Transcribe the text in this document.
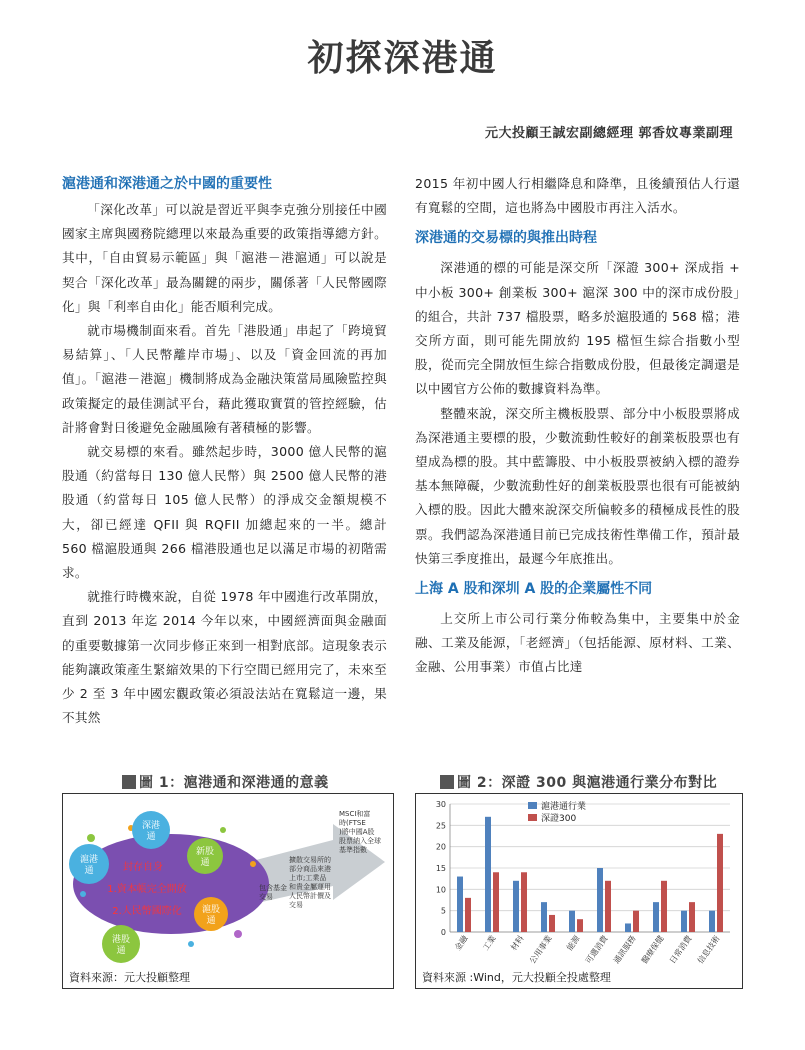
初探深港通
元大投顧王誠宏副總經理 郭香妏專業副理
滬港通和深港通之於中國的重要性

「深化改革」可以說是習近平與李克強分別接任中國國家主席與國務院總理以來最為重要的政策指導總方針。其中，「自由貿易示範區」與「滬港－港滬通」可以說是契合「深化改革」最為關鍵的兩步，關係著「人民幣國際化」與「利率自由化」能否順利完成。

就市場機制面來看。首先「港股通」串起了「跨境貿易結算」、「人民幣離岸市場」、以及「資金回流的再加值」。「滬港－港滬」機制將成為金融決策當局風險監控與政策擬定的最佳測試平台，藉此獲取實質的管控經驗，估計將會對日後避免金融風險有著積極的影響。

就交易標的來看。雖然起步時，3000 億人民幣的滬股通（約當每日 130 億人民幣）與 2500 億人民幣的港股通（約當每日 105 億人民幣）的淨成交金額規模不大，卻已經達 QFII 與 RQFII 加總起來的一半。總計 560 檔滬股通與 266 檔港股通也足以滿足市場的初階需求。

就推行時機來說，自從 1978 年中國進行改革開放，直到 2013 年迄 2014 今年以來，中國經濟面與金融面的重要數據第一次同步修正來到一相對底部。這現象表示能夠讓政策產生緊縮效果的下行空間已經用完了，未來至少 2 至 3 年中國宏觀政策必須設法站在寬鬆這一邊，果不其然

2015 年初中國人行相繼降息和降準，且後續預估人行還有寬鬆的空間，這也將為中國股市再注入活水。

深港通的交易標的與推出時程

深港通的標的可能是深交所「深證 300+ 深成指 + 中小板 300+ 創業板 300+ 滬深 300 中的深市成份股」的組合，共計 737 檔股票，略多於滬股通的 568 檔；港交所方面，則可能先開放約 195 檔恒生綜合指數小型股，從而完全開放恒生綜合指數成份股，但最後定調還是以中國官方公佈的數據資料為準。

整體來說，深交所主機板股票、部分中小板股票將成為深港通主要標的股，少數流動性較好的創業板股票也有望成為標的股。其中藍籌股、中小板股票被納入標的證券基本無障礙，少數流動性好的創業板股票也很有可能被納入標的股。因此大體來說深交所偏較多的積極成長性的股票。我們認為深港通目前已完成技術性準備工作，預計最快第三季度推出，最遲今年底推出。

上海 A 股和深圳 A 股的企業屬性不同

上交所上市公司行業分佈較為集中，主要集中於金融、工業及能源，「老經濟」（包括能源、原材料、工業、金融、公用事業）市值占比達

圖 1：滬港通和深港通的意義
深港
通
滬港
通
新股
通
滬股
通
港股
通
封存自身
1.資本帳完全開放
2.人民幣國際化
MSCI和富
時(FTSE
)將中國A股
股票納入全球
基準指數
擴散交易所的
部分商品來港
上市;工業品
和貴金屬運用
人民幣計價及
交易
包含基金
交易
資料來源：元大投顧整理
圖 2：深證 300 與滬港通行業分布對比
0
5
10
15
20
25
30
金融 工業 材料 公用事業 能源 可選消費 通訊服務 醫療保健 日常消費 信息技術
滬港通行業
深證300
資料來源 :Wind，元大投顧全投處整理
